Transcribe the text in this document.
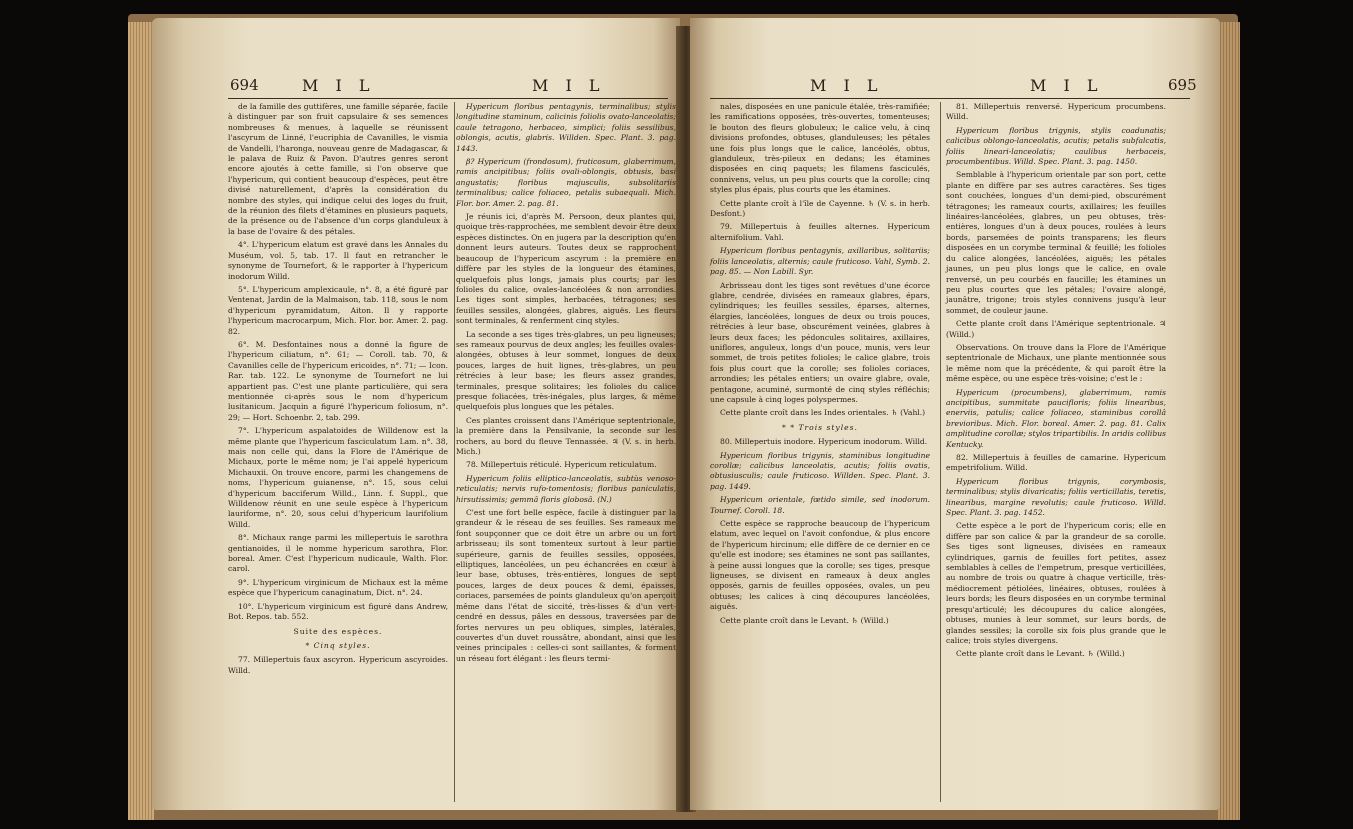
694	M I L	M I L

de la famille des guttifères, une famille séparée, facile à distinguer par son fruit capsulaire & ses semences nombreuses & menues, à laquelle se réunissent l'ascyrum de Linné, l'eucriphia de Cavanilles, le vismia de Vandelli, l'haronga, nouveau genre de Madagascar, & le palava de Ruiz & Pavon. D'autres genres seront encore ajoutés à cette famille, si l'on observe que l'hypericum, qui contient beaucoup d'espèces, peut être divisé naturellement, d'après la considération du nombre des styles, qui indique celui des loges du fruit, de la réunion des filets d'étamines en plusieurs paquets, de la présence ou de l'absence d'un corps glanduleux à la base de l'ovaire & des pétales.

4°. L'hypericum elatum est gravé dans les Annales du Muséum, vol. 5, tab. 17. Il faut en retrancher le synonyme de Tournefort, & le rapporter à l'hypericum inodorum Willd.

5°. L'hypericum amplexicaule, n°. 8, a été figuré par Ventenat, Jardin de la Malmaison, tab. 118, sous le nom d'hypericum pyramidatum, Aiton. Il y rapporte l'hypericum macrocarpum, Mich. Flor. bor. Amer. 2. pag. 82.

6°. M. Desfontaines nous a donné la figure de l'hypericum ciliatum, n°. 61; — Coroll. tab. 70, & Cavanilles celle de l'hypericum ericoides, n°. 71; — Icon. Rar. tab. 122. Le synonyme de Tournefort ne lui appartient pas. C'est une plante particulière, qui sera mentionnée ci-après sous le nom d'hypericum lusitanicum. Jacquin a figuré l'hypericum foliosum, n°. 29; — Hort. Schoenbr. 2, tab. 299.

7°. L'hypericum aspalatoides de Willdenow est la même plante que l'hypericum fasciculatum Lam. n°. 38, mais non celle qui, dans la Flore de l'Amérique de Michaux, porte le même nom; je l'ai appelé hypericum Michauxii. On trouve encore, parmi les changemens de noms, l'hypericum guianense, n°. 15, sous celui d'hypericum bacciferum Willd., Linn. f. Suppl., que Willdenow réunit en une seule espèce à l'hypericum lauriforme, n°. 20, sous celui d'hypericum laurifolium Willd.

8°. Michaux range parmi les millepertuis le sarothra gentianoides, il le nomme hypericum sarothra, Flor. boreal. Amer. C'est l'hypericum nudicaule, Walth. Flor. carol.

9°. L'hypericum virginicum de Michaux est la même espèce que l'hypericum canaginatum, Dict. n°. 24.

10°. L'hypericum virginicum est figuré dans Andrew, Bot. Repos. tab. 552.

Suite des espèces.

* Cinq styles.

77. Millepertuis faux ascyron. Hypericum ascyroides. Willd.

Hypericum floribus pentagynis, terminalibus; stylis longitudine staminum, calicinis foliolis ovato-lanceolatis; caule tetragono, herbaceo, simplici; foliis sessilibus, oblongis, acutis, glabris. Willden. Spec. Plant. 3. pag. 1443.

β? Hypericum (frondosum), fruticosum, glaberrimum, ramis ancipitibus; foliis ovali-oblongis, obtusis, basi angustatis; floribus majusculis, subsolitariis terminalibus; calice foliaceo, petalis subaequali. Mich. Flor. bor. Amer. 2. pag. 81.

Je réunis ici, d'après M. Persoon, deux plantes qui, quoique très-rapprochées, me semblent devoir être deux espèces distinctes. On en jugera par la description qu'en donnent leurs auteurs. Toutes deux se rapprochent beaucoup de l'hypericum ascyrum : la première en diffère par les styles de la longueur des étamines, quelquefois plus longs, jamais plus courts; par les folioles du calice, ovales-lancéolées & non arrondies. Les tiges sont simples, herbacées, tétragones; ses feuilles sessiles, alongées, glabres, aiguës. Les fleurs sont terminales, & renferment cinq styles.

La seconde a ses tiges très-glabres, un peu ligneuses; ses rameaux pourvus de deux angles; les feuilles ovales-alongées, obtuses à leur sommet, longues de deux pouces, larges de huit lignes, très-glabres, un peu rétrécies à leur base; les fleurs assez grandes, terminales, presque solitaires; les folioles du calice presque foliacées, très-inégales, plus larges, & même quelquefois plus longues que les pétales.

Ces plantes croissent dans l'Amérique septentrionale, la première dans la Pensilvanie, la seconde sur les rochers, au bord du fleuve Tennassée. ♃ (V. s. in herb. Mich.)

78. Millepertuis réticulé. Hypericum reticulatum.

Hypericum foliis elliptico-lanceolatis, subtùs venoso-reticulatis; nervis rufo-tomentosis; floribus paniculatis, hirsutissimis; gemmâ floris globosâ. (N.)

C'est une fort belle espèce, facile à distinguer par la grandeur & le réseau de ses feuilles. Ses rameaux me font soupçonner que ce doit être un arbre ou un fort arbrisseau; ils sont tomenteux surtout à leur partie supérieure, garnis de feuilles sessiles, opposées, elliptiques, lancéolées, un peu échancrées en cœur à leur base, obtuses, très-entières, longues de sept pouces, larges de deux pouces & demi, épaisses, coriaces, parsemées de points glanduleux qu'on aperçoit même dans l'état de siccité, très-lisses & d'un vert-cendré en dessus, pâles en dessous, traversées par de fortes nervures un peu obliques, simples, latérales, couvertes d'un duvet roussâtre, abondant, ainsi que les veines principales : celles-ci sont saillantes, & forment un réseau fort élégant : les fleurs termi-

M I L	M I L	695

nales, disposées en une panicule étalée, très-ramifiée; les ramifications opposées, très-ouvertes, tomenteuses; le bouton des fleurs globuleux; le calice velu, à cinq divisions profondes, obtuses, glanduleuses; les pétales une fois plus longs que le calice, lancéolés, obtus, glanduleux, très-pileux en dedans; les étamines disposées en cinq paquets; les filamens fasciculés, connivens, velus, un peu plus courts que la corolle; cinq styles plus épais, plus courts que les étamines.

Cette plante croît à l'île de Cayenne. ♄ (V. s. in herb. Desfont.)

79. Millepertuis à feuilles alternes. Hypericum alternifolium. Vahl.

Hypericum floribus pentagynis, axillaribus, solitariis; foliis lanceolatis, alternis; caule fruticoso. Vahl, Symb. 2. pag. 85. — Non Labill. Syr.

Arbrisseau dont les tiges sont revêtues d'une écorce glabre, cendrée, divisées en rameaux glabres, épars, cylindriques; les feuilles sessiles, éparses, alternes, élargies, lancéolées, longues de deux ou trois pouces, rétrécies à leur base, obscurément veinées, glabres à leurs deux faces; les pédoncules solitaires, axillaires, uniflores, anguleux, longs d'un pouce, munis, vers leur sommet, de trois petites folioles; le calice glabre, trois fois plus court que la corolle; ses folioles coriaces, arrondies; les pétales entiers; un ovaire glabre, ovale, pentagone, acuminé, surmonté de cinq styles réfléchis; une capsule à cinq loges polyspermes.

Cette plante croît dans les Indes orientales. ♄ (Vahl.)

* * Trois styles.

80. Millepertuis inodore. Hypericum inodorum. Willd.

Hypericum floribus trigynis, staminibus longitudine corollæ; calicibus lanceolatis, acutis; foliis ovatis, obtusiusculis; caule fruticoso. Willden. Spec. Plant. 3. pag. 1449.

Hypericum orientale, fœtido simile, sed inodorum. Tournef. Coroll. 18.

Cette espèce se rapproche beaucoup de l'hypericum elatum, avec lequel on l'avoit confondue, & plus encore de l'hypericum hircinum; elle diffère de ce dernier en ce qu'elle est inodore; ses étamines ne sont pas saillantes, à peine aussi longues que la corolle; ses tiges, presque ligneuses, se divisent en rameaux à deux angles opposés, garnis de feuilles opposées, ovales, un peu obtuses; les calices à cinq découpures lancéolées, aiguës.

Cette plante croît dans le Levant. ♄ (Willd.)

81. Millepertuis renversé. Hypericum procumbens. Willd.

Hypericum floribus trigynis, stylis coadunatis; calicibus oblongo-lanceolatis, acutis; petalis subfalcatis, foliis lineari-lanceolatis; caulibus herbaceis, procumbentibus. Willd. Spec. Plant. 3. pag. 1450.

Semblable à l'hypericum orientale par son port, cette plante en diffère par ses autres caractères. Ses tiges sont couchées, longues d'un demi-pied, obscurément tétragones; les rameaux courts, axillaires; les feuilles linéaires-lancéolées, glabres, un peu obtuses, très-entières, longues d'un à deux pouces, roulées à leurs bords, parsemées de points transparens; les fleurs disposées en un corymbe terminal & feuillé; les folioles du calice alongées, lancéolées, aiguës; les pétales jaunes, un peu plus longs que le calice, en ovale renversé, un peu courbés en faucille; les étamines un peu plus courtes que les pétales; l'ovaire alongé, jaunâtre, trigone; trois styles connivens jusqu'à leur sommet, de couleur jaune.

Cette plante croît dans l'Amérique septentrionale. ♃ (Willd.)

Observations. On trouve dans la Flore de l'Amérique septentrionale de Michaux, une plante mentionnée sous le même nom que la précédente, & qui paroît être la même espèce, ou une espèce très-voisine; c'est le :

Hypericum (procumbens), glaberrimum, ramis ancipitibus, summitate paucifloris; foliis linearibus, enerviis, patulis; calice foliaceo, staminibus corollâ brevioribus. Mich. Flor. boreal. Amer. 2. pag. 81. Calix amplitudine corollæ; stylos tripartibilis. In aridis collibus Kentucky.

82. Millepertuis à feuilles de camarine. Hypericum empetrifolium. Willd.

Hypericum floribus trigynis, corymbosis, terminalibus; stylis divaricatis; foliis verticillatis, teretis, linearibus, margine revolutis; caule fruticoso. Willd. Spec. Plant. 3. pag. 1452.

Cette espèce a le port de l'hypericum coris; elle en diffère par son calice & par la grandeur de sa corolle. Ses tiges sont ligneuses, divisées en rameaux cylindriques, garnis de feuilles fort petites, assez semblables à celles de l'empetrum, presque verticillées, au nombre de trois ou quatre à chaque verticille, très-médiocrement pétiolées, linéaires, obtuses, roulées à leurs bords; les fleurs disposées en un corymbe terminal presqu'articulé; les découpures du calice alongées, obtuses, munies à leur sommet, sur leurs bords, de glandes sessiles; la corolle six fois plus grande que le calice; trois styles divergens.

Cette plante croît dans le Levant. ♄ (Willd.)
